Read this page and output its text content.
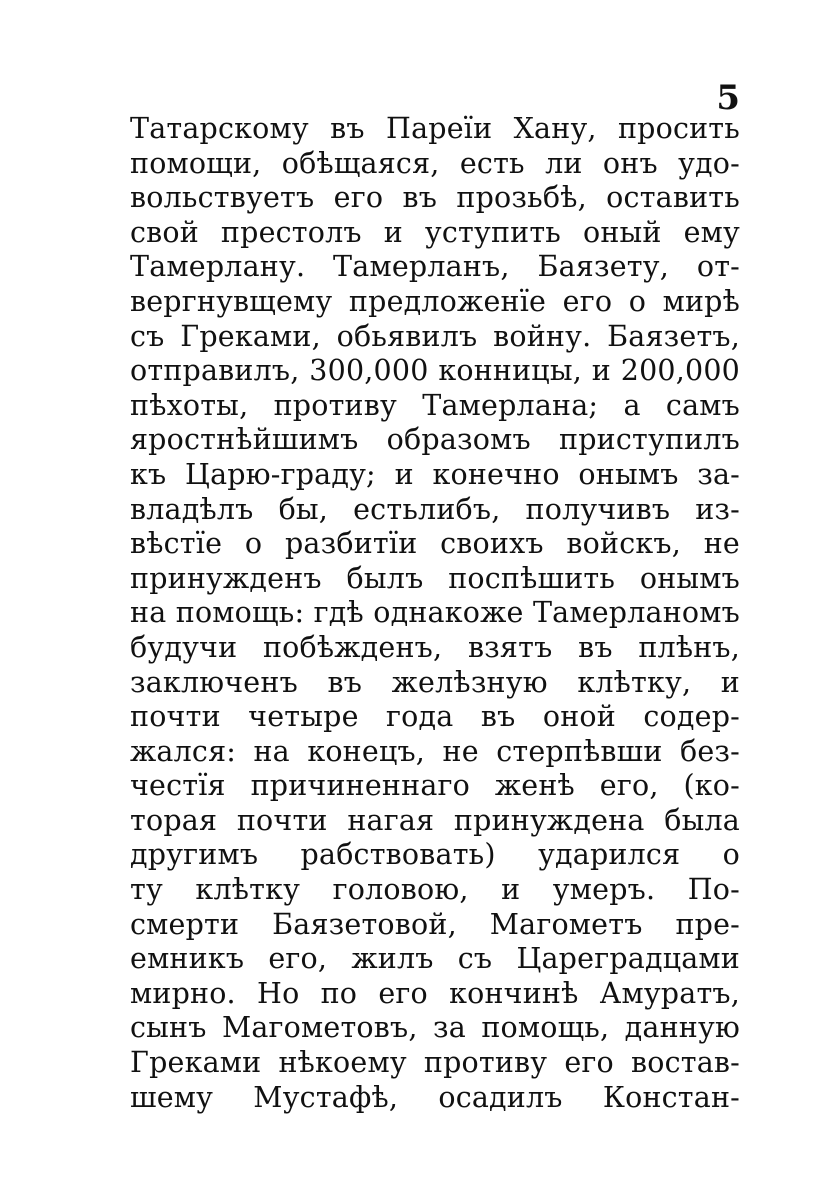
5
Татарскому въ Пареїи Хану, просить
помощи, обѣщаяся, есть ли онъ удо-
вольствуетъ его въ прозьбѣ, оставить
свой престолъ и уступить оный ему
Тамерлану. Тамерланъ, Баязету, от-
вергнувщему предложенїе его о мирѣ
съ Греками, обьявилъ войну. Баязетъ,
отправилъ, 300,000 конницы, и 200,000
пѣхоты, противу Тамерлана; а самъ
яростнѣйшимъ образомъ приступилъ
къ Царю-граду; и конечно онымъ за-
владѣлъ бы, естьлибъ, получивъ из-
вѣстїе о разбитїи своихъ войскъ, не
принужденъ былъ поспѣшить онымъ
на помощь: гдѣ однакоже Тамерланомъ
будучи побѣжденъ, взятъ въ плѣнъ,
заключенъ въ желѣзную клѣтку, и
почти четыре года въ оной содер-
жался: на конецъ, не стерпѣвши без-
честїя причиненнаго женѣ его, (ко-
торая почти нагая принуждена была
другимъ рабствовать) ударился о
ту клѣтку головою, и умеръ. По-
смерти Баязетовой, Магометъ пре-
емникъ его, жилъ съ Цареградцами
мирно. Но по его кончинѣ Амуратъ,
сынъ Магометовъ, за помощь, данную
Греками нѣкоему противу его востав-
шему Мустафѣ, осадилъ Констан-
